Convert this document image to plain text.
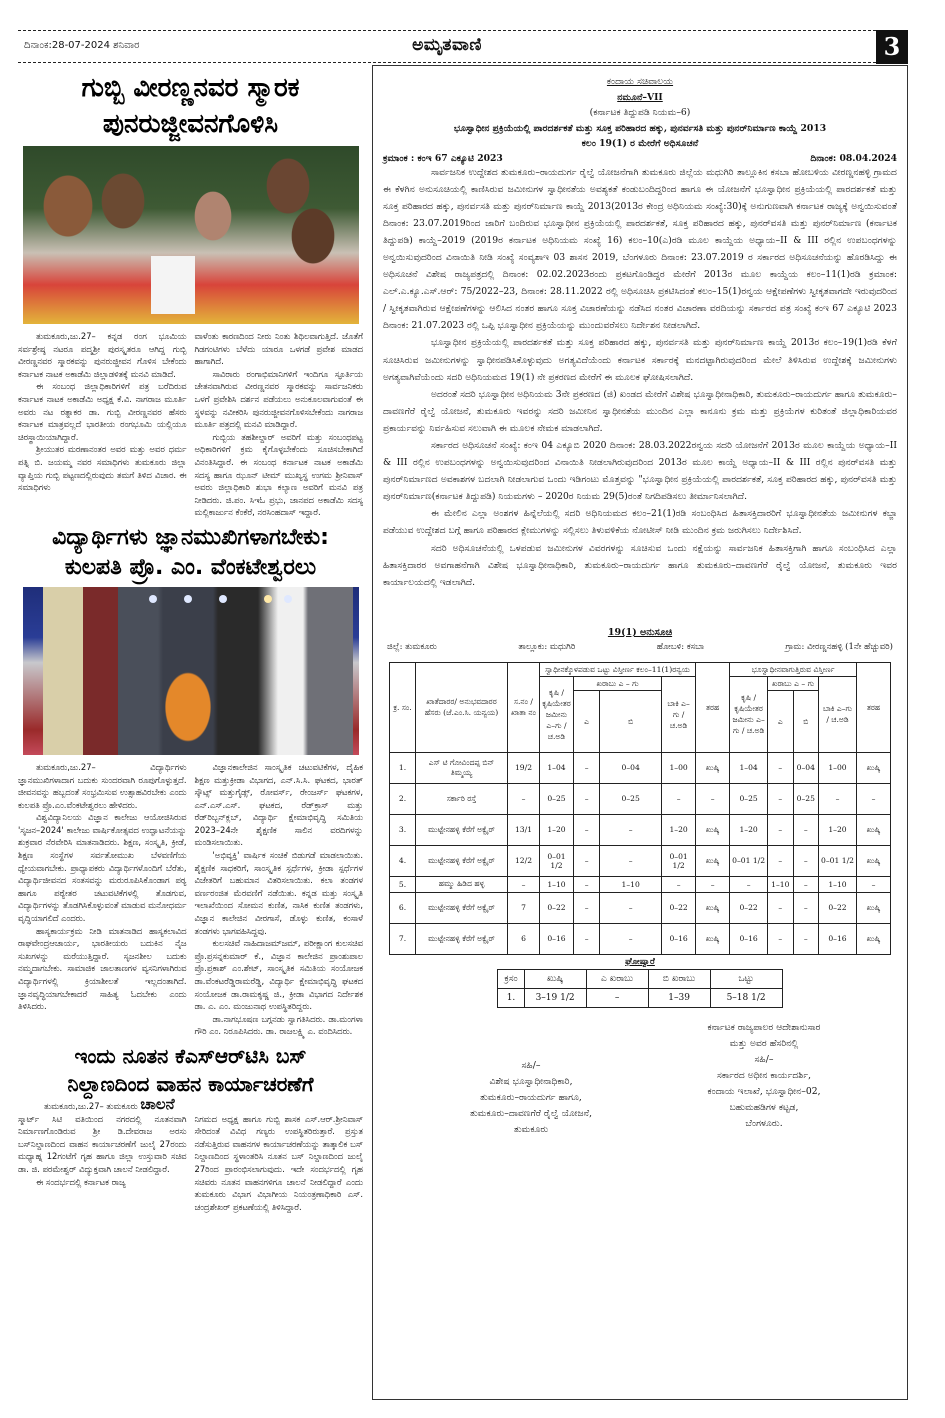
ದಿನಾಂಕ:28-07-2024 ಶನಿವಾರ	ಅಮೃತವಾಣಿ	3
ಗುಬ್ಬಿ ವೀರಣ್ಣನವರ ಸ್ಮಾರಕ
ಪುನರುಜ್ಜೀವನಗೊಳಿಸಿ

ತುಮಕೂರು,ಜು.27– ಕನ್ನಡ ರಂಗ ಭೂಮಿಯ ಸರ್ವಶ್ರೇಷ್ಠ ನಟರೂ ಪದ್ಮಶ್ರೀ ಪುರಸ್ಕೃತರೂ ಆಗಿದ್ದ ಗುಬ್ಬಿ ವೀರಣ್ಣನವರ ಸ್ಮಾರಕವನ್ನು ಪುನರುಜ್ಜೀವನ ಗೊಳಿಸ ಬೇಕೆಂದು ಕರ್ನಾಟಕ ನಾಟಕ ಅಕಾಡೆಮಿ ಜಿಲ್ಲಾಡಳಿತಕ್ಕೆ ಮನವಿ ಮಾಡಿದೆ.

ಈ ಸಂಬಂಧ ಜಿಲ್ಲಾಧಿಕಾರಿಗಳಿಗೆ ಪತ್ರ ಬರೆದಿರುವ ಕರ್ನಾಟಕ ನಾಟಕ ಅಕಾಡೆಮಿ ಅಧ್ಯಕ್ಷ ಕೆ.ವಿ. ನಾಗರಾಜ ಮೂರ್ತಿ ಅವರು ನಟ ರತ್ನಾಕರ ಡಾ. ಗುಬ್ಬಿ ವೀರಣ್ಣನವರ ಹೆಸರು ಕರ್ನಾಟಕ ಮಾತ್ರವಲ್ಲದೆ ಭಾರತೀಯ ರಂಗಭೂಮಿ ಯಲ್ಲಿಯೂ ಚಿರಸ್ಥಾಯಿಯಾಗಿದ್ದಾರೆ.

ಶ್ರೀಯುತರ ಮರಣಾನಂತರ ಅವರ ಮತ್ತು ಅವರ ಧರ್ಮ ಪತ್ನಿ ಬಿ. ಜಯಮ್ಮ ನವರ ಸಮಾಧಿಗಳು ತುಮಕೂರು ಜಿಲ್ಲಾ ವ್ಯಾಪ್ತಿಯ ಗುಬ್ಬಿ ಪಟ್ಟಣದಲ್ಲಿರುವುದು ತಮಗೆ ತಿಳಿದ ವಿಚಾರ. ಈ ಸಮಾಧಿಗಳು

ವಾಳೆಂತು ಕಾರಣದಿಂದ ನೀರು ನಿಂತು ಶಿಥಿಲವಾಗುತ್ತಿದೆ. ಜೊತೆಗೆ ಗಿಡಗಂಟಿಗಳು ಬೆಳೆದು ಯಾರೂ ಒಳಗಡೆ ಪ್ರವೇಶ ಮಾಡದ ಹಾಗಾಗಿದೆ.

ಸಾವಿರಾರು ರಂಗಾಭಿಮಾನಿಗಳಿಗೆ ಇಂದಿಗೂ ಸ್ಫೂರ್ತಿಯ ಚೇತನವಾಗಿರುವ ವೀರಣ್ಣನವರ ಸ್ಮಾರಕವನ್ನು ಸಾರ್ವಜನಿಕರು ಒಳಗೆ ಪ್ರವೇಶಿಸಿ ದರ್ಶನ ಪಡೆಯಲು ಅನುಕೂಲವಾಗುವಂತೆ ಈ ಸ್ಥಳವನ್ನು ನವೀಕರಿಸಿ ಪುನರುಜ್ಜೀವನಗೊಳಿಸಬೇಕೆಂದು ನಾಗರಾಜ ಮೂರ್ತಿ ಪತ್ರದಲ್ಲಿ ಮನವಿ ಮಾಡಿದ್ದಾರೆ.

ಗುಬ್ಬಿಯ ತಹಶೀಲ್ದಾರ್ ಅವರಿಗೆ ಮತ್ತು ಸಂಬಂಧಪಟ್ಟ ಅಧಿಕಾರಿಗಳಿಗೆ ಕ್ರಮ ಕೈಗೊಳ್ಳಬೇಕೆಂದು ಸೂಚಿಸಬೇಕಾಗಿದೆ ವಿನಂತಿಸಿದ್ದಾರೆ. ಈ ಸಂಬಂಧ ಕರ್ನಾಟಕ ನಾಟಕ ಅಕಾಡೆಮಿ ಸದಸ್ಯ ಹಾಗೂ ಝೂನ್ ಟೀಮ್ ಮುಖ್ಯಸ್ಥ ಉಗಮ ಶ್ರೀನಿವಾಸ್ ಅವರು ಜಿಲ್ಲಾಧಿಕಾರಿ ಶುಭಾ ಕಲ್ಯಾಣ ಅವರಿಗೆ ಮನವಿ ಪತ್ರ ನೀಡಿದರು. ಜಿ.ಪಂ. ಸಿಇಓ ಪ್ರಭು, ಜಾನಪದ ಅಕಾಡೆಮಿ ಸದಸ್ಯ ಮಲ್ಲಿಕಾರ್ಜುನ ಕೆಂಕೆರೆ, ನರಸಿಂಹದಾಸ್ ಇದ್ದಾರೆ.

ವಿದ್ಯಾರ್ಥಿಗಳು ಜ್ಞಾನಮುಖಿಗಳಾಗಬೇಕು:
ಕುಲಪತಿ ಪ್ರೊ. ಎಂ. ವೆಂಕಟೇಶ್ವರಲು

ತುಮಕೂರು,ಜು.27– ವಿದ್ಯಾರ್ಥಿಗಳು ಜ್ಞಾನಮುಖಿಗಳಾದಾಗ ಬದುಕು ಸುಂದರವಾಗಿ ರೂಪುಗೊಳ್ಳುತ್ತದೆ. ಜೀವನವನ್ನು ಹಬ್ಬದಂತೆ ಸಂಭ್ರಮಿಸುವ ಉತ್ಸಾಹವಿರಬೇಕು ಎಂದು ಕುಲಪತಿ ಪ್ರೊ.ಎಂ.ವೆಂಕಟೇಶ್ವರಲು ಹೇಳಿದರು.

ವಿಶ್ವವಿದ್ಯಾನಿಲಯ ವಿಜ್ಞಾನ ಕಾಲೇಜು ಆಯೋಜಿಸಿರುವ 'ಸೃಜನ–2024' ಕಾಲೇಜು ವಾರ್ಷಿಕೋತ್ಸವದ ಉದ್ಘಾಟನೆಯನ್ನು ಶುಕ್ರವಾರ ನೆರವೇರಿಸಿ ಮಾತನಾಡಿದರು. ಶಿಕ್ಷಣ, ಸಂಸ್ಕೃತಿ, ಕ್ರೀಡೆ, ಶಿಕ್ಷಣ ಸಂಸ್ಥೆಗಳ ಸರ್ವತೋಮುಖ ಬೆಳವಣಿಗೆಯ ಧ್ಯೇಯವಾಗಬೇಕು. ಪ್ರಾಧ್ಯಾಪಕರು ವಿದ್ಯಾರ್ಥಿಗಳೊಂದಿಗೆ ಬೆರೆತು, ವಿದ್ಯಾರ್ಥಿಜೀವನದ ಸಂತಸವನ್ನು ಮರುರೂಪಿಸಿಕೊಂಡಾಗ ಪಠ್ಯ ಹಾಗೂ ಪಠ್ಯೇತರ ಚಟುವಟಿಕೆಗಳಲ್ಲಿ ತೊಡಗುವ, ವಿದ್ಯಾರ್ಥಿಗಳನ್ನು ತೊಡಗಿಸಿಕೊಳ್ಳುವಂತೆ ಮಾಡುವ ಮನೋಧರ್ಮ ವೃದ್ಧಿಯಾಗಲಿದೆ ಎಂದರು.

ಹಾಸ್ಯಕಾರ್ಯಕ್ರಮ ನೀಡಿ ಮಾತನಾಡಿದ ಹಾಸ್ಯಕಲಾವಿದ ರಾಘವೇಂದ್ರಆಚಾರ್ಯ, ಭಾರತೀಯರು ಬದುಕಿನ ನೈಜ ಸುಖಗಳನ್ನು ಮರೆಯುತ್ತಿದ್ದಾರೆ. ಸೃಜನಶೀಲ ಬದುಕು ನಮ್ಮದಾಗಬೇಕು. ಸಾಮಾಜಿಕ ಜಾಲತಾಣಗಳ ವ್ಯಸನಿಗಳಾಗಿರುವ ವಿದ್ಯಾರ್ಥಿಗಳಲ್ಲಿ ಕ್ರಿಯಾಶೀಲತೆ ಇಲ್ಲದಂತಾಗಿದೆ. ಜ್ಞಾನವೃದ್ಧಿಯಾಗಬೇಕಾದರೆ ಸಾಹಿತ್ಯ ಓದಬೇಕು ಎಂದು ತಿಳಿಸಿದರು.

ವಿಜ್ಞಾನಕಾಲೇಜಿನ ಸಾಂಸ್ಕೃತಿಕ ಚಟುವಟಿಕೆಗಳ, ದೈಹಿಕ ಶಿಕ್ಷಣ ಮತ್ತುಕ್ರೀಡಾ ವಿಭಾಗದ, ಎನ್.ಸಿ.ಸಿ. ಘಟಕದ, ಭಾರತ್ ಸ್ಕೌಟ್ಸ್ ಮತ್ತುಗೈಡ್ಸ್, ರೋವರ್ಸ್, ರೇಂಜರ್ಸ್ ಘಟಕಗಳ, ಎನ್.ಎಸ್.ಎಸ್. ಘಟಕದ, ರೆಡ್‌ಕ್ರಾಸ್ ಮತ್ತು ರೆಡ್‌ರಿಬ್ಬನ್‌ಕ್ಲಬ್, ವಿದ್ಯಾರ್ಥಿ ಕ್ಷೇಮಾಭಿವೃದ್ಧಿ ಸಮಿತಿಯ 2023–24ನೇ ಶೈಕ್ಷಣಿಕ ಸಾಲಿನ ವರದಿಗಳನ್ನು ಮಂಡಿಸಲಾಯಿತು.

'ಅಭಿವ್ಯಕ್ತಿ' ವಾರ್ಷಿಕ ಸಂಚಿಕೆ ಬಿಡುಗಡೆ ಮಾಡಲಾಯಿತು. ಶೈಕ್ಷಣಿಕ ಸಾಧಕರಿಗೆ, ಸಾಂಸ್ಕೃತಿಕ ಸ್ಪರ್ಧೆಗಳ, ಕ್ರೀಡಾ ಸ್ಪರ್ಧೆಗಳ ವಿಜೇತರಿಗೆ ಬಹುಮಾನ ವಿತರಿಸಲಾಯಿತು. ಕಲಾ ತಂಡಗಳ ವರ್ಣರಂಜಿತ ಮೆರವಣಿಗೆ ನಡೆಯಿತು. ಕನ್ನಡ ಮತ್ತು ಸಂಸ್ಕೃತಿ ಇಲಾಖೆಯಿಂದ ಸೋಮನ ಕುಣಿತ, ನಾಸಿಕ ಕುಣಿತ ತಂಡಗಳು, ವಿಜ್ಞಾನ ಕಾಲೇಜಿನ ವೀರಗಾಸೆ, ಡೊಳ್ಳು ಕುಣಿತ, ಕಂಸಾಳೆ ತಂಡಗಳು ಭಾಗವಹಿಸಿದ್ದವು.

ಕುಲಸಚಿವೆ ನಾಹಿದಾಜಮ್‌ಜಮ್, ಪರೀಕ್ಷಾಂಗ ಕುಲಸಚಿವ ಪ್ರೊ.ಪ್ರಸನ್ನಕುಮಾರ್ ಕೆ., ವಿಜ್ಞಾನ ಕಾಲೇಜಿನ ಪ್ರಾಂಶುಪಾಲ ಪ್ರೊ.ಪ್ರಕಾಶ್ ಎಂ.ಶೇಟ್, ಸಾಂಸ್ಕೃತಿಕ ಸಮಿತಿಯ ಸಂಯೋಜಕ ಡಾ.ವೆಂಕಟರೆಡ್ಡಿರಾಮರೆಡ್ಡಿ, ವಿದ್ಯಾರ್ಥಿ ಕ್ಷೇಮಾಭಿವೃದ್ಧಿ ಘಟಕದ ಸಂಯೋಜಕ ಡಾ.ರಾಮಕೃಷ್ಣ ಜಿ., ಕ್ರೀಡಾ ವಿಭಾಗದ ನಿರ್ದೇಶಕ ಡಾ. ಎ. ಎಂ. ಮಂಜುನಾಥ ಉಪಸ್ಥಿತರಿದ್ದರು.

ಡಾ.ನಾಗಭೂಷಣ ಬಗ್ಗನಡು ಸ್ವಾಗತಿಸಿದರು. ಡಾ.ಮಂಗಳಾ ಗೌರಿ ಎಂ. ನಿರೂಪಿಸಿದರು. ಡಾ. ರಾಜಲಕ್ಷ್ಮಿ ಎ. ವಂದಿಸಿದರು.

ಇಂದು ನೂತನ ಕೆಎಸ್‌ಆರ್‌ಟಿಸಿ ಬಸ್
ನಿಲ್ದಾಣದಿಂದ ವಾಹನ ಕಾರ್ಯಾಚರಣೆಗೆ
ತುಮಕೂರು,ಜು.27– ತುಮಕೂರು ಚಾಲನೆ

ಸ್ಮಾರ್ಟ್ ಸಿಟಿ ವತಿಯಿಂದ ನಗರದಲ್ಲಿ ನೂತನವಾಗಿ ನಿರ್ಮಾಣಗೊಂಡಿರುವ ಶ್ರೀ ಡಿ.ದೇವರಾಜ ಅರಸು ಬಸ್‌ನಿಲ್ದಾಣದಿಂದ ವಾಹನ ಕಾರ್ಯಾಚರಣೆಗೆ ಜುಲೈ 27ರಂದು ಮಧ್ಯಾಹ್ನ 12ಗಂಟೆಗೆ ಗೃಹ ಹಾಗೂ ಜಿಲ್ಲಾ ಉಸ್ತುವಾರಿ ಸಚಿವ ಡಾ. ಜಿ. ಪರಮೇಶ್ವರ್ ವಿದ್ಯುಕ್ತವಾಗಿ ಚಾಲನೆ ನೀಡಲಿದ್ದಾರೆ.

ಈ ಸಂದರ್ಭದಲ್ಲಿ ಕರ್ನಾಟಕ ರಾಜ್ಯ

ನಿಗಮದ ಅಧ್ಯಕ್ಷ ಹಾಗೂ ಗುಬ್ಬಿ ಶಾಸಕ ಎಸ್.ಆರ್.ಶ್ರೀನಿವಾಸ್ ಸೇರಿದಂತೆ ವಿವಿಧ ಗಣ್ಯರು ಉಪಸ್ಥಿತರಿರುತ್ತಾರೆ. ಪ್ರಸ್ತುತ ನಡೆಸುತ್ತಿರುವ ವಾಹನಗಳ ಕಾರ್ಯಾಚರಣೆಯನ್ನು ತಾತ್ಕಾಲಿಕ ಬಸ್ ನಿಲ್ದಾಣದಿಂದ ಸ್ಥಳಾಂತರಿಸಿ ನೂತನ ಬಸ್ ನಿಲ್ದಾಣದಿಂದ ಜುಲೈ 27ರಿಂದ ಪ್ರಾರಂಭಿಸಲಾಗುವುದು. ಇದೇ ಸಂದರ್ಭದಲ್ಲಿ ಗೃಹ ಸಚಿವರು ನೂತನ ವಾಹನಗಳಿಗೂ ಚಾಲನೆ ನೀಡಲಿದ್ದಾರೆ ಎಂದು ತುಮಕೂರು ವಿಭಾಗ ವಿಭಾಗೀಯ ನಿಯಂತ್ರಣಾಧಿಕಾರಿ ಎಸ್. ಚಂದ್ರಶೇಖರ್ ಪ್ರಕಟಣೆಯಲ್ಲಿ ತಿಳಿಸಿದ್ದಾರೆ.

ಕಂದಾಯ ಸಚಿವಾಲಯ
ನಮೂನೆ–VII
(ಕರ್ನಾಟಕ ತಿದ್ದುಪಡಿ ನಿಯಮ–6)
ಭೂಸ್ವಾಧೀನ ಪ್ರಕ್ರಿಯೆಯಲ್ಲಿ ಪಾರದರ್ಶಕತೆ ಮತ್ತು ಸೂಕ್ತ ಪರಿಹಾರದ ಹಕ್ಕು, ಪುನರ್ವಸತಿ ಮತ್ತು ಪುನರ್‌ನಿರ್ಮಾಣ ಕಾಯ್ದೆ 2013
ಕಲಂ 19(1) ರ ಮೇರೆಗೆ ಅಧಿಸೂಚನೆ
ಕ್ರಮಾಂಕ : ಕಂಇ 67 ಎಕ್ಯೂಟಿ 2023	ದಿನಾಂಕ: 08.04.2024

ಸಾರ್ವಜನಿಕ ಉದ್ದೇಶದ ತುಮಕೂರು–ರಾಯದುರ್ಗ ರೈಲ್ವೆ ಯೋಜನೆಗಾಗಿ ತುಮಕೂರು ಜಿಲ್ಲೆಯ ಮಧುಗಿರಿ ತಾಲ್ಲೂಕಿನ ಕಸಬಾ ಹೋಬಳಿಯ ವೀರಣ್ಣನಹಳ್ಳಿ ಗ್ರಾಮದ ಈ ಕೆಳಗಿನ ಅನುಸೂಚಿಯಲ್ಲಿ ಕಾಣಿಸಿರುವ ಜಮೀನುಗಳ ಸ್ವಾಧೀನತೆಯ ಅವಶ್ಯಕತೆ ಕಂಡುಬಂದಿದ್ದರಿಂದ ಹಾಗೂ ಈ ಯೋಜನೆಗೆ ಭೂಸ್ವಾಧೀನ ಪ್ರಕ್ರಿಯೆಯಲ್ಲಿ ಪಾರದರ್ಶಕತೆ ಮತ್ತು ಸೂಕ್ತ ಪರಿಹಾರದ ಹಕ್ಕು, ಪುನರ್ವಸತಿ ಮತ್ತು ಪುನರ್‌ನಿರ್ಮಾಣ ಕಾಯ್ದೆ 2013(2013ರ ಕೇಂದ್ರ ಅಧಿನಿಯಮ ಸಂಖ್ಯೆ:30)ಕ್ಕೆ ಅನುಗುಣವಾಗಿ ಕರ್ನಾಟಕ ರಾಜ್ಯಕ್ಕೆ ಅನ್ವಯಿಸುವಂತೆ ದಿನಾಂಕ: 23.07.2019ರಿಂದ ಜಾರಿಗೆ ಬಂದಿರುವ ಭೂಸ್ವಾಧೀನ ಪ್ರಕ್ರಿಯೆಯಲ್ಲಿ ಪಾರದರ್ಶಕತೆ, ಸೂಕ್ತ ಪರಿಹಾರದ ಹಕ್ಕು, ಪುನರ್‌ವಸತಿ ಮತ್ತು ಪುನರ್‌ನಿರ್ಮಾಣ (ಕರ್ನಾಟಕ ತಿದ್ದುಪಡಿ) ಕಾಯ್ದೆ–2019 (2019ರ ಕರ್ನಾಟಕ ಅಧಿನಿಯಮ ಸಂಖ್ಯೆ 16) ಕಲಂ–10(ಎ)ರಡಿ ಮೂಲ ಕಾಯ್ದೆಯ ಅಧ್ಯಾಯ–II & III ರಲ್ಲಿನ ಉಪಬಂಧಗಳನ್ನು ಅನ್ವಯಿಸುವುದರಿಂದ ವಿನಾಯಿತಿ ನೀಡಿ ಸಂಖ್ಯೆ ಸಂವ್ಯಶಾಇ 03 ಶಾಸನ 2019, ಬೆಂಗಳೂರು ದಿನಾಂಕ: 23.07.2019 ರ ಸರ್ಕಾರದ ಅಧಿಸೂಚನೆಯನ್ನು ಹೊರಡಿಸಿದ್ದು ಈ ಅಧಿಸೂಚನೆ ವಿಶೇಷ ರಾಜ್ಯಪತ್ರದಲ್ಲಿ ದಿನಾಂಕ: 02.02.2023ರಂದು ಪ್ರಕಟಗೊಂಡಿದ್ದರ ಮೇರೆಗೆ 2013ರ ಮೂಲ ಕಾಯ್ದೆಯ ಕಲಂ–11(1)ರಡಿ ಕ್ರಮಾಂಕ: ಎಲ್.ಎ.ಕ್ಯೂ.ಎಸ್.ಆರ್: 75/2022–23, ದಿನಾಂಕ: 28.11.2022 ರಲ್ಲಿ ಅಧಿಸೂಚಿಸಿ ಪ್ರಕಟಿಸಿದಂತೆ ಕಲಂ–15(1)ರನ್ವಯ ಆಕ್ಷೇಪಣೆಗಳು ಸ್ವೀಕೃತವಾಗದೇ ಇರುವುದರಿಂದ / ಸ್ವೀಕೃತವಾಗಿರುವ ಆಕ್ಷೇಪಣೆಗಳನ್ನು ಆಲಿಸಿದ ನಂತರ ಹಾಗೂ ಸೂಕ್ತ ವಿಚಾರಣೆಯನ್ನು ನಡೆಸಿದ ನಂತರ ವಿಚಾರಣಾ ವರದಿಯನ್ನು ಸರ್ಕಾರದ ಪತ್ರ ಸಂಖ್ಯೆ ಕಂಇ 67 ಎಕ್ಯೂಟಿ 2023 ದಿನಾಂಕ: 21.07.2023 ರಲ್ಲಿ ಒಪ್ಪಿ ಭೂಸ್ವಾಧೀನ ಪ್ರಕ್ರಿಯೆಯನ್ನು ಮುಂದುವರೆಸಲು ನಿರ್ದೇಶನ ನೀಡಲಾಗಿದೆ.

ಭೂಸ್ವಾಧೀನ ಪ್ರಕ್ರಿಯೆಯಲ್ಲಿ ಪಾರದರ್ಶಕತೆ ಮತ್ತು ಸೂಕ್ತ ಪರಿಹಾರದ ಹಕ್ಕು, ಪುನರ್ವಸತಿ ಮತ್ತು ಪುನರ್‌ನಿರ್ಮಾಣ ಕಾಯ್ದೆ 2013ರ ಕಲಂ–19(1)ರಡಿ ಕೆಳಗೆ ಸೂಚಿಸಿರುವ ಜಮೀನುಗಳನ್ನು ಸ್ವಾಧೀನಪಡಿಸಿಕೊಳ್ಳುವುದು ಅಗತ್ಯವಿದೆಯೆಂದು ಕರ್ನಾಟಕ ಸರ್ಕಾರಕ್ಕೆ ಮನದಟ್ಟಾಗಿರುವುದರಿಂದ ಮೇಲೆ ತಿಳಿಸಿರುವ ಉದ್ದೇಶಕ್ಕೆ ಜಮೀನುಗಳು ಅಗತ್ಯವಾಗಿವೆಯೆಂದು ಸದರಿ ಅಧಿನಿಯಮದ 19(1) ನೇ ಪ್ರಕರಣದ ಮೇರೆಗೆ ಈ ಮೂಲಕ ಘೋಷಿಸಲಾಗಿದೆ.

ಅದರಂತೆ ಸದರಿ ಭೂಸ್ವಾಧೀನ ಅಧಿನಿಯಮ 3ನೇ ಪ್ರಕರಣದ (ಜಿ) ಖಂಡದ ಮೇರೆಗೆ ವಿಶೇಷ ಭೂಸ್ವಾಧೀನಾಧಿಕಾರಿ, ತುಮಕೂರು–ರಾಯದುರ್ಗ ಹಾಗೂ ತುಮಕೂರು–ದಾವಣಗೆರೆ ರೈಲ್ವೆ ಯೋಜನೆ, ತುಮಕೂರು ಇವರನ್ನು ಸದರಿ ಜಮೀನಿನ ಸ್ವಾಧೀನತೆಯ ಮುಂದಿನ ಎಲ್ಲಾ ಕಾನೂನು ಕ್ರಮ ಮತ್ತು ಪ್ರಕ್ರಿಯೆಗಳ ಕುರಿತಂತೆ ಜಿಲ್ಲಾಧಿಕಾರಿಯವರ ಪ್ರಕಾರ್ಯವನ್ನು ನಿರ್ವಹಿಸುವ ಸಲುವಾಗಿ ಈ ಮೂಲಕ ನೇಮಕ ಮಾಡಲಾಗಿದೆ.

ಸರ್ಕಾರದ ಅಧಿಸೂಚನೆ ಸಂಖ್ಯೆ: ಕಂಇ 04 ಎಕ್ಯೂಬಿ 2020 ದಿನಾಂಕ: 28.03.2022ರನ್ವಯ ಸದರಿ ಯೋಜನೆಗೆ 2013ರ ಮೂಲ ಕಾಯ್ದೆಯ ಅಧ್ಯಾಯ–II & III ರಲ್ಲಿನ ಉಪಬಂಧಗಳನ್ನು ಅನ್ವಯಿಸುವುದರಿಂದ ವಿನಾಯಿತಿ ನೀಡಲಾಗಿರುವುದರಿಂದ 2013ರ ಮೂಲ ಕಾಯ್ದೆ ಅಧ್ಯಾಯ–II & III ರಲ್ಲಿನ ಪುನರ್‌ವಸತಿ ಮತ್ತು ಪುನರ್‌ನಿರ್ಮಾಣದ ಅವಕಾಶಗಳ ಬದಲಾಗಿ ನೀಡಲಾಗುವ ಒಂದು ಇಡಿಗಂಟು ಮೊತ್ತವನ್ನು "ಭೂಸ್ವಾಧೀನ ಪ್ರಕ್ರಿಯೆಯಲ್ಲಿ ಪಾರದರ್ಶಕತೆ, ಸೂಕ್ತ ಪರಿಹಾರದ ಹಕ್ಕು, ಪುನರ್‌ವಸತಿ ಮತ್ತು ಪುನರ್‌ನಿರ್ಮಾಣ(ಕರ್ನಾಟಕ ತಿದ್ದುಪಡಿ) ನಿಯಮಗಳು – 2020ರ ನಿಯಮ 29(5)ರಂತೆ ನಿಗದಿಪಡಿಸಲು ತೀರ್ಮಾನಿಸಲಾಗಿದೆ.

ಈ ಮೇಲಿನ ಎಲ್ಲಾ ಅಂಶಗಳ ಹಿನ್ನೆಲೆಯಲ್ಲಿ ಸದರಿ ಅಧಿನಿಯಮದ ಕಲಂ–21(1)ರಡಿ ಸಂಬಂಧಿಸಿದ ಹಿತಾಸಕ್ತಿದಾರರಿಗೆ ಭೂಸ್ವಾಧೀನತೆಯ ಜಮೀನುಗಳ ಕಬ್ಜಾ ಪಡೆಯುವ ಉದ್ದೇಶದ ಬಗ್ಗೆ ಹಾಗೂ ಪರಿಹಾರದ ಕ್ಲೇಮುಗಳನ್ನು ಸಲ್ಲಿಸಲು ತಿಳುವಳಿಕೆಯ ನೋಟೀಸ್ ನೀಡಿ ಮುಂದಿನ ಕ್ರಮ ಜರುಗಿಸಲು ನಿರ್ದೇಶಿಸಿದೆ.

ಸದರಿ ಅಧಿಸೂಚನೆಯಲ್ಲಿ ಒಳಪಡುವ ಜಮೀನುಗಳ ವಿವರಗಳನ್ನು ಸೂಚಿಸುವ ಒಂದು ನಕ್ಷೆಯನ್ನು ಸಾರ್ವಜನಿಕ ಹಿತಾಸಕ್ತಿಗಾಗಿ ಹಾಗೂ ಸಂಬಂಧಿಸಿದ ಎಲ್ಲಾ ಹಿತಾಸಕ್ತಿದಾರರ ಅವಗಾಹನೆಗಾಗಿ ವಿಶೇಷ ಭೂಸ್ವಾಧೀನಾಧಿಕಾರಿ, ತುಮಕೂರು–ರಾಯದುರ್ಗ ಹಾಗೂ ತುಮಕೂರು–ದಾವಣಗೆರೆ ರೈಲ್ವೆ ಯೋಜನೆ, ತುಮಕೂರು ಇವರ ಕಾರ್ಯಾಲಯದಲ್ಲಿ ಇಡಲಾಗಿದೆ.

19(1) ಅನುಸೂಚಿ
ಜಿಲ್ಲೆ: ತುಮಕೂರು	ತಾಲ್ಲೂಕು: ಮಧುಗಿರಿ	ಹೋಬಳಿ: ಕಸಬಾ	ಗ್ರಾಮ: ವೀರಣ್ಣನಹಳ್ಳಿ (1ನೇ ಹೆಚ್ಚುವರಿ)
ಕ್ರ. ಸಂ.	ಖಾತೆದಾರರ/ ಅನುಭವದಾರರ ಹೆಸರು (ಜೆ.ಎಂ.ಸಿ. ಯನ್ವಯ)	ಸ.ನಂ / ಖಾತಾ ನಂ	ಸ್ವಾಧೀನಕ್ಕೊಳಪಡುವ ಒಟ್ಟು ವಿಸ್ತೀರ್ಣ ಕಲಂ–11(1)ರನ್ವಯ				ತರಹ	ಭೂಸ್ವಾಧೀನವಾಗುತ್ತಿರುವ ವಿಸ್ತೀರ್ಣ				ತರಹ
			ಕೃಷಿ / ಕೃಷಿಯೇತರ ಜಮೀನು ಎ–ಗು / ಚ.ಅಡಿ	ಖರಾಬು ಎ – ಗು		ಬಾಕಿ ಎ–ಗು / ಚ.ಅಡಿ		ಕೃಷಿ / ಕೃಷಿಯೇತರ ಜಮೀನು ಎ–ಗು / ಚ.ಅಡಿ	ಖರಾಬು ಎ – ಗು		ಬಾಕಿ ಎ–ಗು / ಚ.ಅಡಿ	
				ಎ	ಬಿ				ಎ	ಬಿ		
1.	ಎಸ್ ಟಿ ಗೋವಿಂದಪ್ಪ ಬಿನ್ ತಿಮ್ಮಯ್ಯ	19/2	1–04	–	0–04	1–00	ಖುಷ್ಕಿ	1–04	–	0–04	1–00	ಖುಷ್ಕಿ
2.	ಸರ್ಕಾರಿ ರಸ್ತೆ	–	0–25	–	0–25	–	–	0–25	–	0–25	–	–
3.	ಮುಟ್ಟೇನಹಳ್ಳಿ ಕೆರೆಗೆ ಅಕ್ವೈರ್	13/1	1–20	–	–	1–20	ಖುಷ್ಕಿ	1–20	–	–	1–20	ಖುಷ್ಕಿ
4.	ಮುಟ್ಟೇನಹಳ್ಳಿ ಕೆರೆಗೆ ಅಕ್ವೈರ್	12/2	0–01 1/2	–	–	0–01 1/2	ಖುಷ್ಕಿ	0–01 1/2	–	–	0–01 1/2	ಖುಷ್ಕಿ
5.	ಹಮ್ಮು ಹಿಡಿದ ಹಳ್ಳ	–	1–10	–	1–10	–	–	–	1–10	–	1–10	–
6.	ಮುಟ್ಟೇನಹಳ್ಳಿ ಕೆರೆಗೆ ಅಕ್ವೈರ್	7	0–22	–	–	0–22	ಖುಷ್ಕಿ	0–22	–	–	0–22	ಖುಷ್ಕಿ
7.	ಮುಟ್ಟೇನಹಳ್ಳಿ ಕೆರೆಗೆ ಅಕ್ವೈರ್	6	0–16	–	–	0–16	ಖುಷ್ಕಿ	0–16	–	–	0–16	ಖುಷ್ಕಿ
ಘೋಷ್ವಾರೆ
ಕ್ರಸಂ	ಖುಷ್ಕಿ	ಎ ಖರಾಬು	ಬಿ ಖರಾಬು	ಒಟ್ಟು
1.	3–19 1/2	–	1–39	5–18 1/2
ಸಹಿ/–
ವಿಶೇಷ ಭೂಸ್ವಾಧೀನಾಧಿಕಾರಿ,
ತುಮಕೂರು–ರಾಯದುರ್ಗ ಹಾಗೂ,
ತುಮಕೂರು–ದಾವಣಗೆರೆ ರೈಲ್ವೆ ಯೋಜನೆ,
ತುಮಕೂರು
ಕರ್ನಾಟಕ ರಾಜ್ಯಪಾಲರ ಆದೇಶಾನುಸಾರ
ಮತ್ತು ಅವರ ಹೆಸರಿನಲ್ಲಿ
ಸಹಿ/–
ಸರ್ಕಾರದ ಅಧೀನ ಕಾರ್ಯದರ್ಶಿ,
ಕಂದಾಯ ಇಲಾಖೆ, ಭೂಸ್ವಾಧೀನ–02,
ಬಹುಮಹಡಿಗಳ ಕಟ್ಟಡ,
ಬೆಂಗಳೂರು.
